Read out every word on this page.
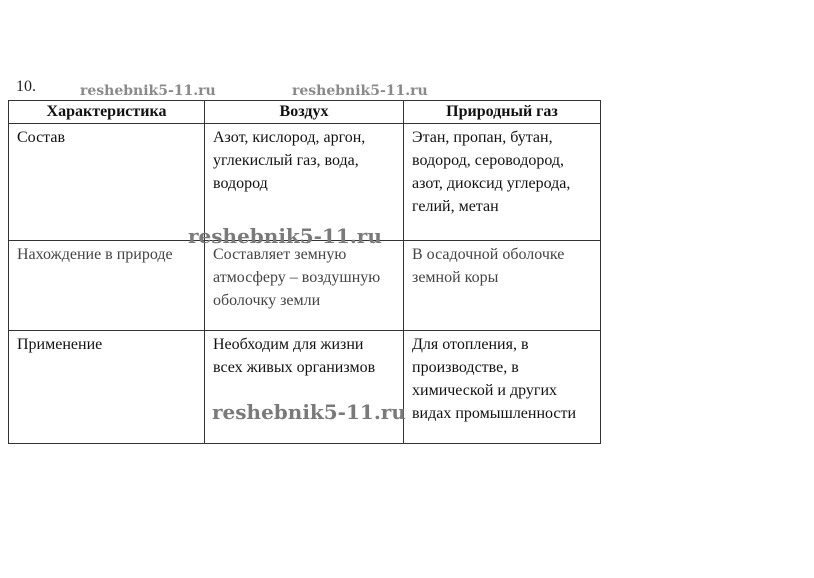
10.
Характеристика	Воздух	Природный газ
Состав	Азот, кислород, аргон, углекислый газ, вода, водород	Этан, пропан, бутан, водород, сероводород, азот, диоксид углерода, гелий, метан
Нахождение в природе	Составляет земную атмосферу – воздушную оболочку земли	В осадочной оболочке земной коры
Применение	Необходим для жизни всех живых организмов	Для отопления, в производстве, в химической и других видах промышленности
reshebnik5-11.ru	reshebnik5-11.ru
reshebnik5-11.ru
reshebnik5-11.ru
